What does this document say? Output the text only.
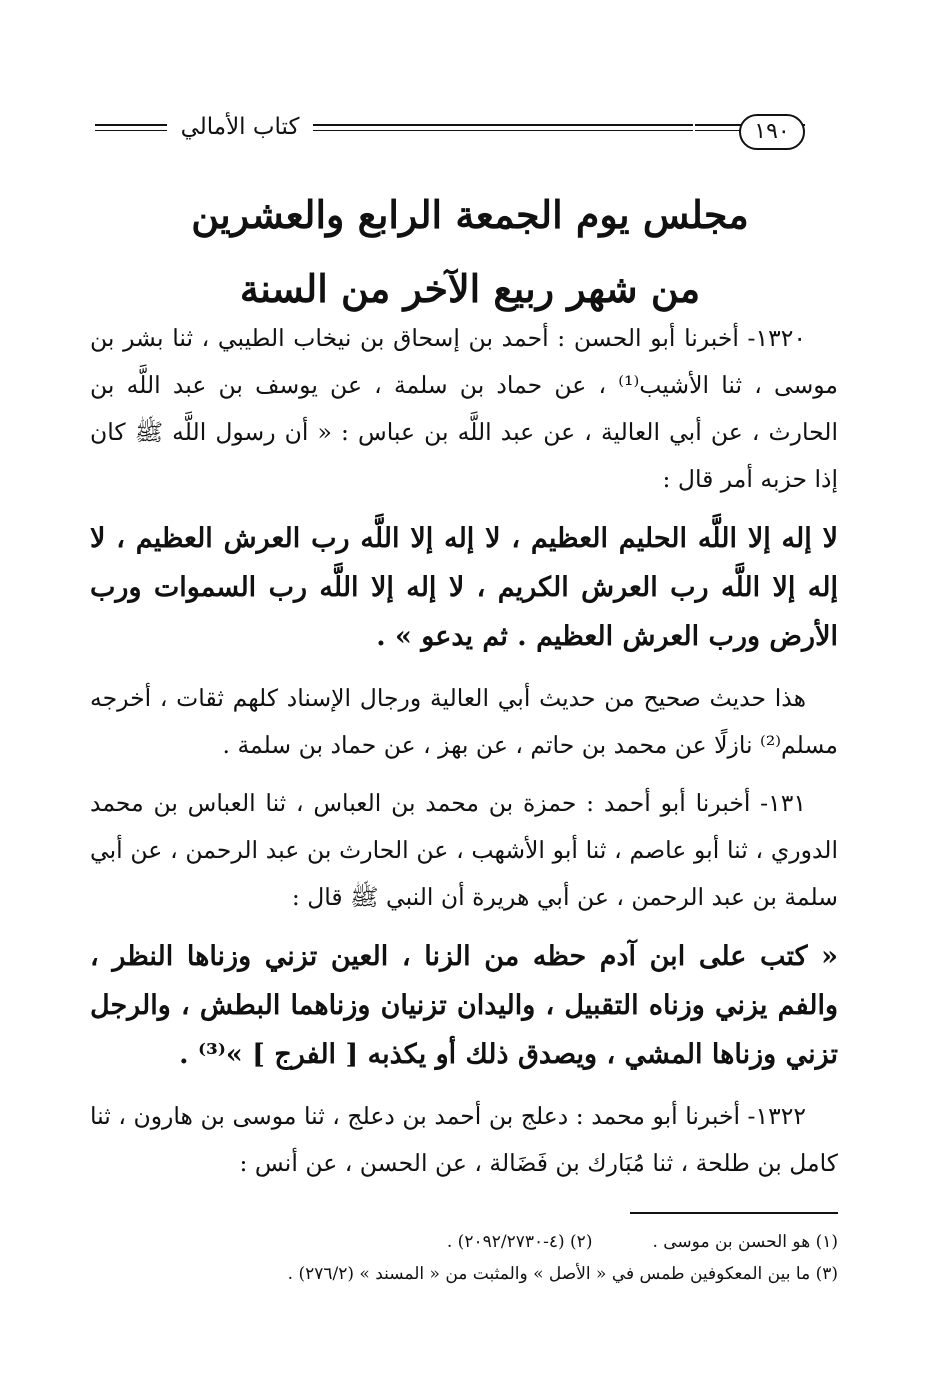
١٩٠
كتاب الأمالي

مجلس يوم الجمعة الرابع والعشرين

من شهر ربيع الآخر من السنة

١٣٢٠- أخبرنا أبو الحسن : أحمد بن إسحاق بن نيخاب الطيبي ، ثنا بشر بن موسى ، ثنا الأشيب⁽¹⁾ ، عن حماد بن سلمة ، عن يوسف بن عبد اللَّه بن الحارث ، عن أبي العالية ، عن عبد اللَّه بن عباس : « أن رسول اللَّه ﷺ كان إذا حزبه أمر قال :

لا إله إلا اللَّه الحليم العظيم ، لا إله إلا اللَّه رب العرش العظيم ، لا إله إلا اللَّه رب العرش الكريم ، لا إله إلا اللَّه رب السموات ورب الأرض ورب العرش العظيم . ثم يدعو » .

هذا حديث صحيح من حديث أبي العالية ورجال الإسناد كلهم ثقات ، أخرجه مسلم⁽²⁾ نازلًا عن محمد بن حاتم ، عن بهز ، عن حماد بن سلمة .

١٣١- أخبرنا أبو أحمد : حمزة بن محمد بن العباس ، ثنا العباس بن محمد الدوري ، ثنا أبو عاصم ، ثنا أبو الأشهب ، عن الحارث بن عبد الرحمن ، عن أبي سلمة بن عبد الرحمن ، عن أبي هريرة أن النبي ﷺ قال :

« كتب على ابن آدم حظه من الزنا ، العين تزني وزناها النظر ، والفم يزني وزناه التقبيل ، واليدان تزنيان وزناهما البطش ، والرجل تزني وزناها المشي ، ويصدق ذلك أو يكذبه [ الفرج ] »⁽³⁾ .

١٣٢٢- أخبرنا أبو محمد : دعلج بن أحمد بن دعلج ، ثنا موسى بن هارون ، ثنا كامل بن طلحة ، ثنا مُبَارك بن فَضَالة ، عن الحسن ، عن أنس :

(١) هو الحسن بن موسى .
(٢) (٤-٢٠٩٢/٢٧٣٠) .
(٣) ما بين المعكوفين طمس في « الأصل » والمثبت من « المسند » (٢٧٦/٢) .
